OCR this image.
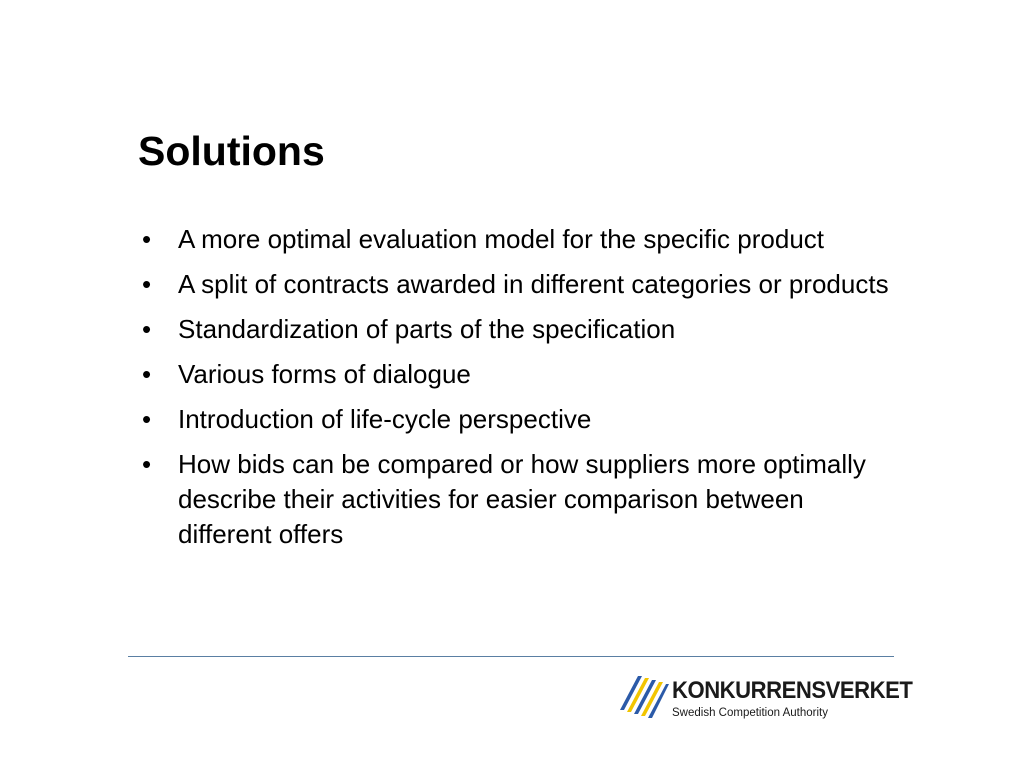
Solutions
• A more optimal evaluation model for the specific product
• A split of contracts awarded in different categories or products
• Standardization of parts of the specification
• Various forms of dialogue
• Introduction of life-cycle perspective
• How bids can be compared or how suppliers more optimally describe their activities for easier comparison between different offers
KONKURRENSVERKET
Swedish Competition Authority
